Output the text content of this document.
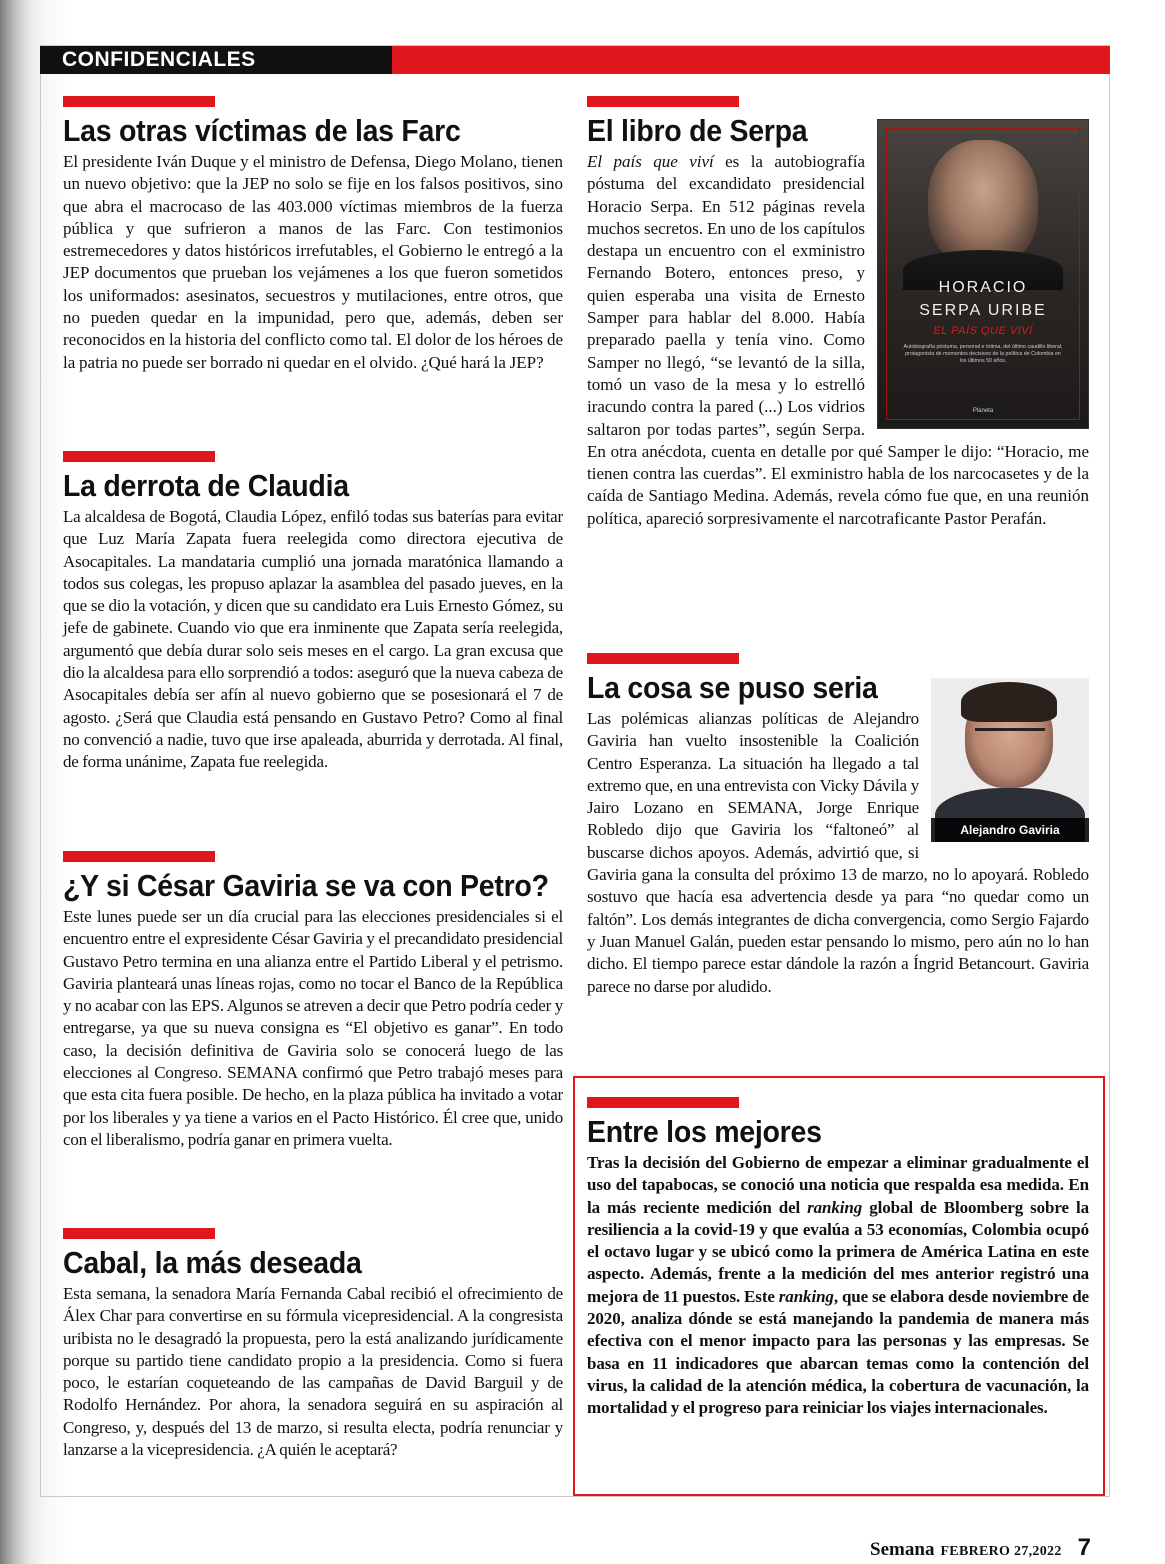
CONFIDENCIALES
Las otras víctimas de las Farc

El presidente Iván Duque y el ministro de Defensa, Diego Molano, tienen un nuevo objetivo: que la JEP no solo se fije en los falsos positivos, sino que abra el macrocaso de las 403.000 víctimas miembros de la fuerza pública y que sufrieron a manos de las Farc. Con testimonios estremecedores y datos históricos irrefutables, el Gobierno le entregó a la JEP documentos que prueban los vejámenes a los que fueron sometidos los uniformados: asesinatos, secuestros y mutilaciones, entre otros, que no pueden quedar en la impunidad, pero que, además, deben ser reconocidos en la historia del conflicto como tal. El dolor de los héroes de la patria no puede ser borrado ni quedar en el olvido. ¿Qué hará la JEP?

La derrota de Claudia

La alcaldesa de Bogotá, Claudia López, enfiló todas sus baterías para evitar que Luz María Zapata fuera reelegida como directora ejecutiva de Asocapitales. La mandataria cumplió una jornada maratónica llamando a todos sus colegas, les propuso aplazar la asamblea del pasado jueves, en la que se dio la votación, y dicen que su candidato era Luis Ernesto Gómez, su jefe de gabinete. Cuando vio que era inminente que Zapata sería reelegida, argumentó que debía durar solo seis meses en el cargo. La gran excusa que dio la alcaldesa para ello sorprendió a todos: aseguró que la nueva cabeza de Asocapitales debía ser afín al nuevo gobierno que se posesionará el 7 de agosto. ¿Será que Claudia está pensando en Gustavo Petro? Como al final no convenció a nadie, tuvo que irse apaleada, aburrida y derrotada. Al final, de forma unánime, Zapata fue reelegida.

¿Y si César Gaviria se va con Petro?

Este lunes puede ser un día crucial para las elecciones presidenciales si el encuentro entre el expresidente César Gaviria y el precandidato presidencial Gustavo Petro termina en una alianza entre el Partido Liberal y el petrismo. Gaviria planteará unas líneas rojas, como no tocar el Banco de la República y no acabar con las EPS. Algunos se atreven a decir que Petro podría ceder y entregarse, ya que su nueva consigna es “El objetivo es ganar”. En todo caso, la decisión definitiva de Gaviria solo se conocerá luego de las elecciones al Congreso. SEMANA confirmó que Petro trabajó meses para que esta cita fuera posible. De hecho, en la plaza pública ha invitado a votar por los liberales y ya tiene a varios en el Pacto Histórico. Él cree que, unido con el liberalismo, podría ganar en primera vuelta.

Cabal, la más deseada

Esta semana, la senadora María Fernanda Cabal recibió el ofrecimiento de Álex Char para convertirse en su fórmula vicepresidencial. A la congresista uribista no le desagradó la propuesta, pero la está analizando jurídicamente porque su partido tiene candidato propio a la presidencia. Como si fuera poco, le estarían coqueteando de las campañas de David Barguil y de Rodolfo Hernández. Por ahora, la senadora seguirá en su aspiración al Congreso, y, después del 13 de marzo, si resulta electa, podría renunciar y lanzarse a la vicepresidencia. ¿A quién le aceptará?

El libro de Serpa
HORACIO
SERPA URIBE
EL PAÍS QUE VIVÍ
Autobiografía póstuma, personal e íntima, del último caudillo liberal, protagonista de momentos decisivos de la política de Colombia en los últimos 50 años.
Planeta

El país que viví es la autobiografía póstuma del excandidato presidencial Horacio Serpa. En 512 páginas revela muchos secretos. En uno de los capítulos destapa un encuentro con el exministro Fernando Botero, entonces preso, y quien esperaba una visita de Ernesto Samper para hablar del 8.000. Había preparado paella y tenía vino. Como Samper no llegó, “se levantó de la silla, tomó un vaso de la mesa y lo estrelló iracundo contra la pared (...) Los vidrios saltaron por todas partes”, según Serpa. En otra anécdota, cuenta en detalle por qué Samper le dijo: “Horacio, me tienen contra las cuerdas”. El exministro habla de los narcocasetes y de la caída de Santiago Medina. Además, revela cómo fue que, en una reunión política, apareció sorpresivamente el narcotraficante Pastor Perafán.

La cosa se puso seria
Alejandro Gaviria

Las polémicas alianzas políticas de Alejandro Gaviria han vuelto insostenible la Coalición Centro Esperanza. La situación ha llegado a tal extremo que, en una entrevista con Vicky Dávila y Jairo Lozano en SEMANA, Jorge Enrique Robledo dijo que Gaviria los “faltoneó” al buscarse dichos apoyos. Además, advirtió que, si Gaviria gana la consulta del próximo 13 de marzo, no lo apoyará. Robledo sostuvo que hacía esa advertencia desde ya para “no quedar como un faltón”. Los demás integrantes de dicha convergencia, como Sergio Fajardo y Juan Manuel Galán, pueden estar pensando lo mismo, pero aún no lo han dicho. El tiempo parece estar dándole la razón a Íngrid Betancourt. Gaviria parece no darse por aludido.

Entre los mejores

Tras la decisión del Gobierno de empezar a eliminar gradualmente el uso del tapabocas, se conoció una noticia que respalda esa medida. En la más reciente medición del ranking global de Bloomberg sobre la resiliencia a la covid-19 y que evalúa a 53 economías, Colombia ocupó el octavo lugar y se ubicó como la primera de América Latina en este aspecto. Además, frente a la medición del mes anterior registró una mejora de 11 puestos. Este ranking, que se elabora desde noviembre de 2020, analiza dónde se está manejando la pandemia de manera más efectiva con el menor impacto para las personas y las empresas. Se basa en 11 indicadores que abarcan temas como la contención del virus, la calidad de la atención médica, la cobertura de vacunación, la mortalidad y el progreso para reiniciar los viajes internacionales.

Semana FEBRERO 27,2022 7
